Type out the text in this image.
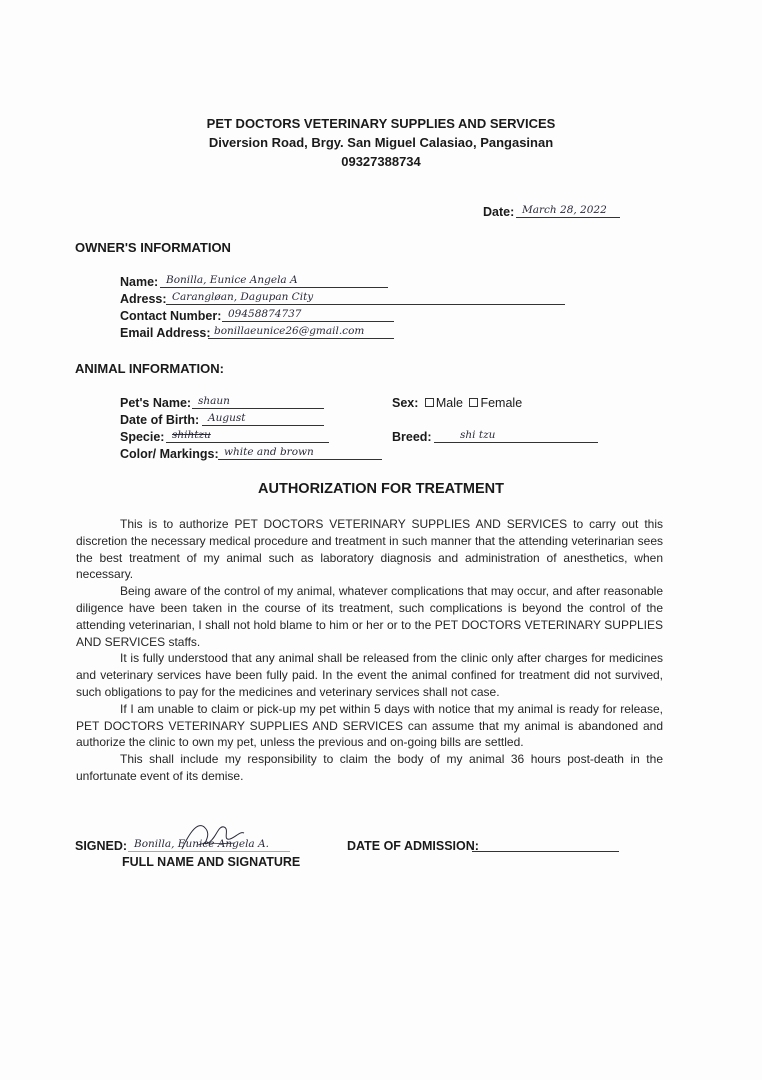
PET DOCTORS VETERINARY SUPPLIES AND SERVICES
Diversion Road, Brgy. San Miguel Calasiao, Pangasinan
09327388734
Date: March 28, 2022
OWNER'S INFORMATION
Name: Bonilla, Eunice Angela A
Adress: Carangløan, Dagupan City
Contact Number: 09458874737
Email Address: bonillaeunice26@gmail.com
ANIMAL INFORMATION:
Pet's Name: shaun
Date of Birth: August
Specie: shihtzu
Color/ Markings: white and brown
Sex: Male Female
Breed:	shi tzu
AUTHORIZATION FOR TREATMENT

This is to authorize PET DOCTORS VETERINARY SUPPLIES AND SERVICES to carry out this discretion the necessary medical procedure and treatment in such manner that the attending veterinarian sees the best treatment of my animal such as laboratory diagnosis and administration of anesthetics, when necessary.

Being aware of the control of my animal, whatever complications that may occur, and after reasonable diligence have been taken in the course of its treatment, such complications is beyond the control of the attending veterinarian, I shall not hold blame to him or her or to the PET DOCTORS VETERINARY SUPPLIES AND SERVICES staffs.

It is fully understood that any animal shall be released from the clinic only after charges for medicines and veterinary services have been fully paid. In the event the animal confined for treatment did not survived, such obligations to pay for the medicines and veterinary services shall not case.

If I am unable to claim or pick-up my pet within 5 days with notice that my animal is ready for release, PET DOCTORS VETERINARY SUPPLIES AND SERVICES can assume that my animal is abandoned and authorize the clinic to own my pet, unless the previous and on-going bills are settled.

This shall include my responsibility to claim the body of my animal 36 hours post-death in the unfortunate event of its demise.

SIGNED: Bonilla, Eunice Angela A.
FULL NAME AND SIGNATURE
DATE OF ADMISSION:
